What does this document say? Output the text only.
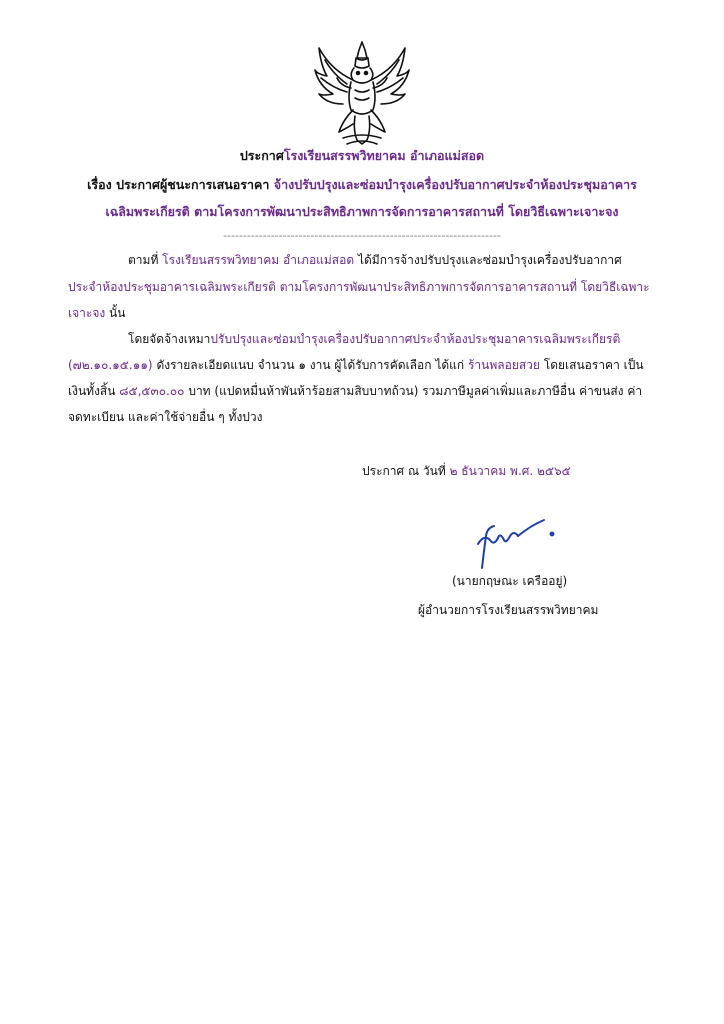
ประกาศโรงเรียนสรรพวิทยาคม อำเภอแม่สอด
เรื่อง ประกาศผู้ชนะการเสนอราคา จ้างปรับปรุงและซ่อมบำรุงเครื่องปรับอากาศประจำห้องประชุมอาคาร
เฉลิมพระเกียรติ ตามโครงการพัฒนาประสิทธิภาพการจัดการอาคารสถานที่ โดยวิธีเฉพาะเจาะจง
----------------------------------------------------------------------
ตามที่ โรงเรียนสรรพวิทยาคม อำเภอแม่สอด ได้มีการจ้างปรับปรุงและซ่อมบำรุงเครื่องปรับอากาศ
ประจำห้องประชุมอาคารเฉลิมพระเกียรติ ตามโครงการพัฒนาประสิทธิภาพการจัดการอาคารสถานที่ โดยวิธีเฉพาะ
เจาะจง นั้น
โดยจัดจ้างเหมาปรับปรุงและซ่อมบำรุงเครื่องปรับอากาศประจำห้องประชุมอาคารเฉลิมพระเกียรติ
(๗๒.๑๐.๑๕.๑๑) ดังรายละเอียดแนบ จำนวน ๑ งาน ผู้ได้รับการคัดเลือก ได้แก่ ร้านพลอยสวย โดยเสนอราคา เป็น
เงินทั้งสิ้น ๘๕,๕๓๐.๐๐ บาท (แปดหมื่นห้าพันห้าร้อยสามสิบบาทถ้วน) รวมภาษีมูลค่าเพิ่มและภาษีอื่น ค่าขนส่ง ค่า
จดทะเบียน และค่าใช้จ่ายอื่น ๆ ทั้งปวง
ประกาศ ณ วันที่ ๒ ธันวาคม พ.ศ. ๒๕๖๕
(นายกฤษณะ เครืออยู่)
ผู้อำนวยการโรงเรียนสรรพวิทยาคม
